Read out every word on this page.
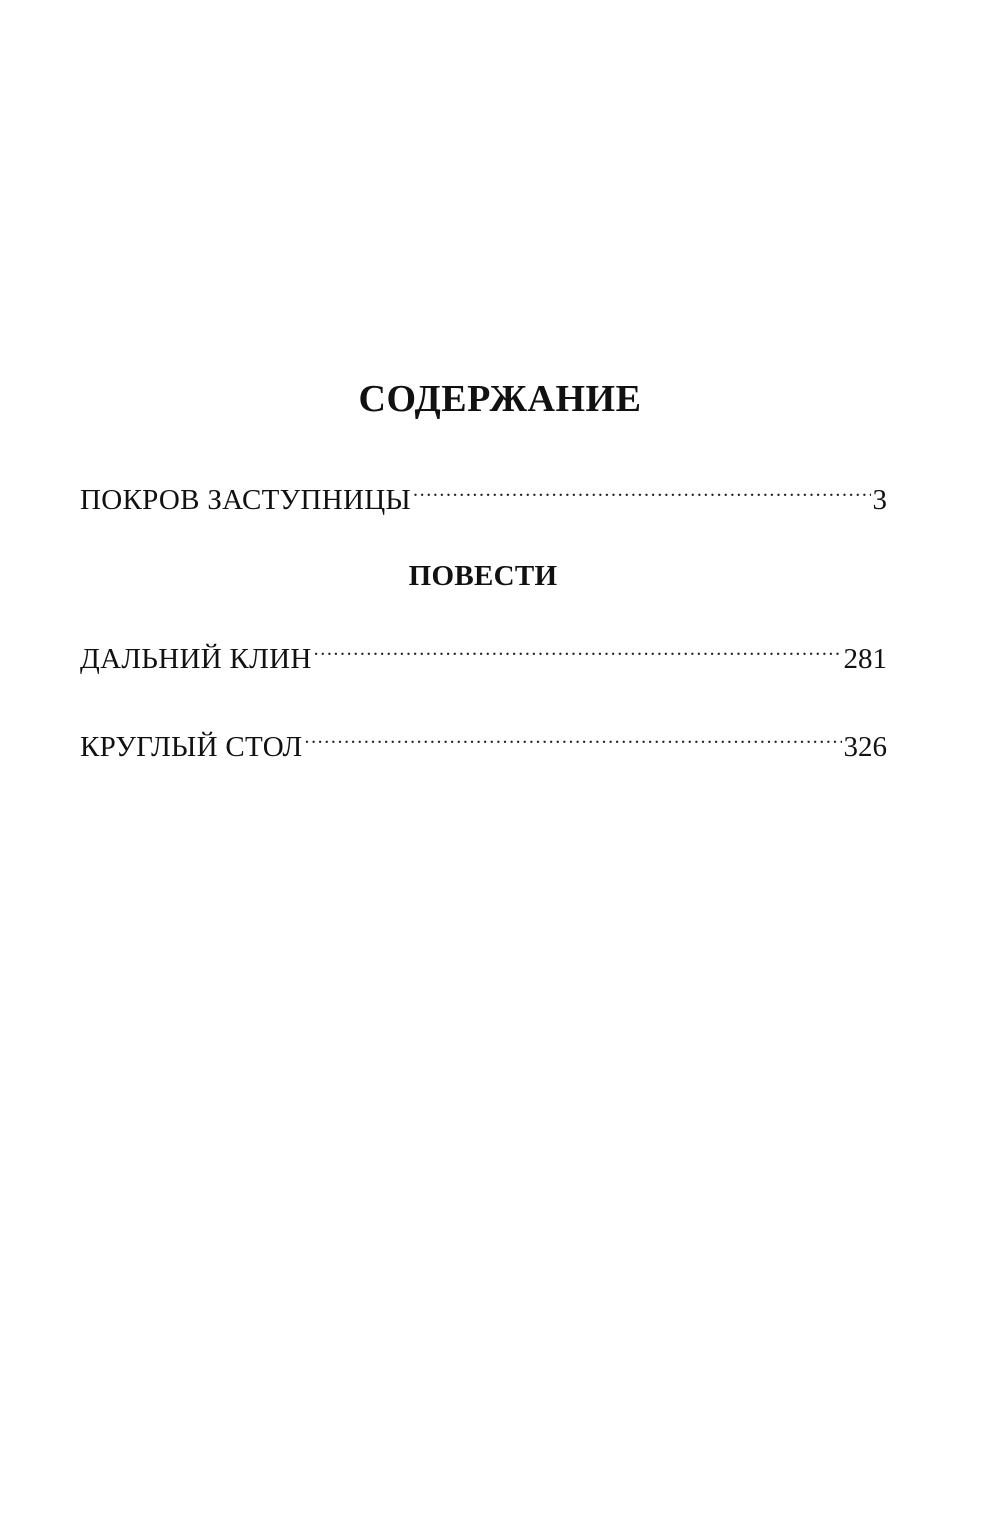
СОДЕРЖАНИЕ
ПОКРОВ ЗАСТУПНИЦЫ .....	3
ПОВЕСТИ
ДАЛЬНИЙ КЛИН .....	281
КРУГЛЫЙ СТОЛ .....	326
